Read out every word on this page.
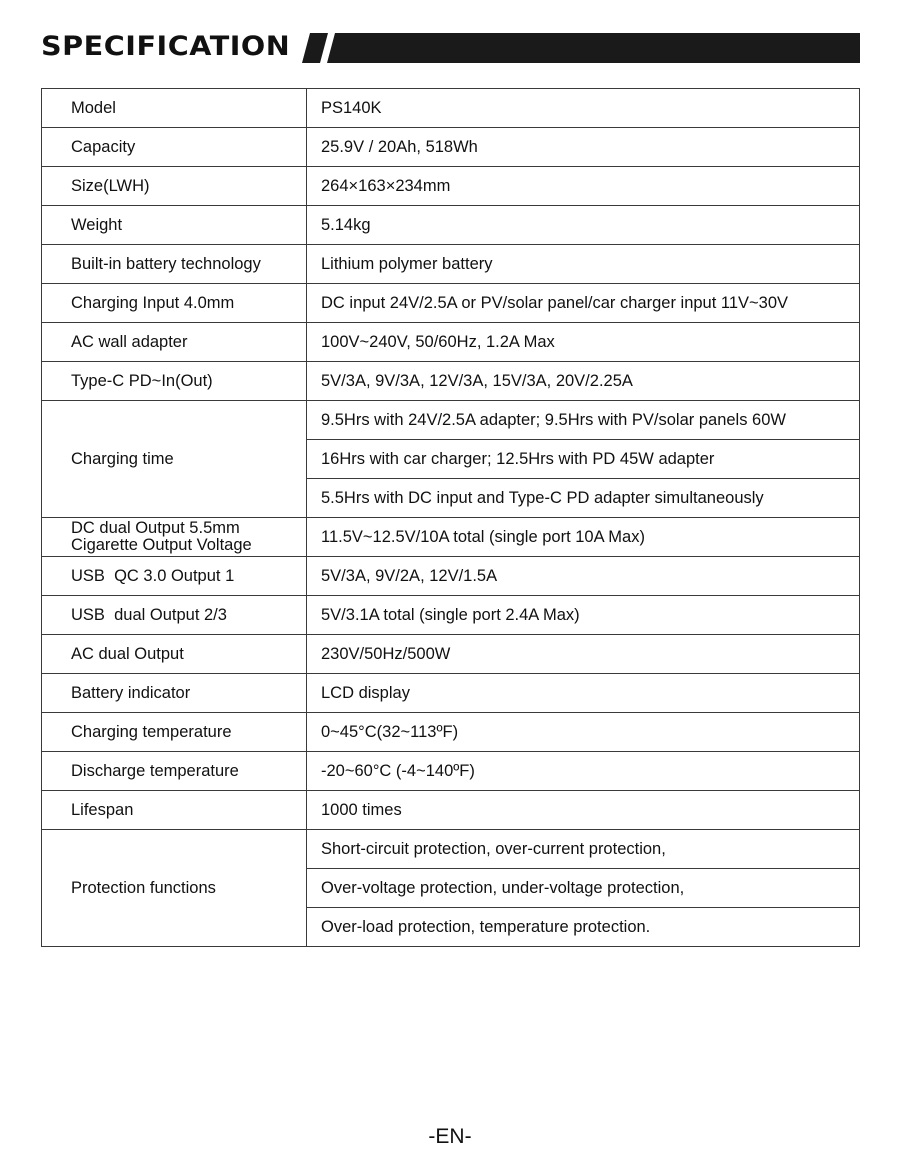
SPECIFICATION
Model	PS140K
Capacity	25.9V / 20Ah, 518Wh
Size(LWH)	264×163×234mm
Weight	5.14kg
Built-in battery technology	Lithium polymer battery
Charging Input 4.0mm	DC input 24V/2.5A or PV/solar panel/car charger input 11V~30V
AC wall adapter	100V~240V, 50/60Hz, 1.2A Max
Type-C PD~In(Out)	5V/3A, 9V/3A, 12V/3A, 15V/3A, 20V/2.25A
Charging time	9.5Hrs with 24V/2.5A adapter; 9.5Hrs with PV/solar panels 60W
	16Hrs with car charger; 12.5Hrs with PD 45W adapter
	5.5Hrs with DC input and Type-C PD adapter simultaneously

DC dual Output 5.5mm
Cigarette Output Voltage	11.5V~12.5V/10A total (single port 10A Max)
USB  QC 3.0 Output 1	5V/3A, 9V/2A, 12V/1.5A
USB  dual Output 2/3	5V/3.1A total (single port 2.4A Max)
AC dual Output	230V/50Hz/500W
Battery indicator	LCD display
Charging temperature	0~45°C(32~113ºF)
Discharge temperature	-20~60°C (-4~140ºF)
Lifespan	1000 times
Protection functions	Short-circuit protection, over-current protection,
	Over-voltage protection, under-voltage protection,
	Over-load protection, temperature protection.
-EN-
